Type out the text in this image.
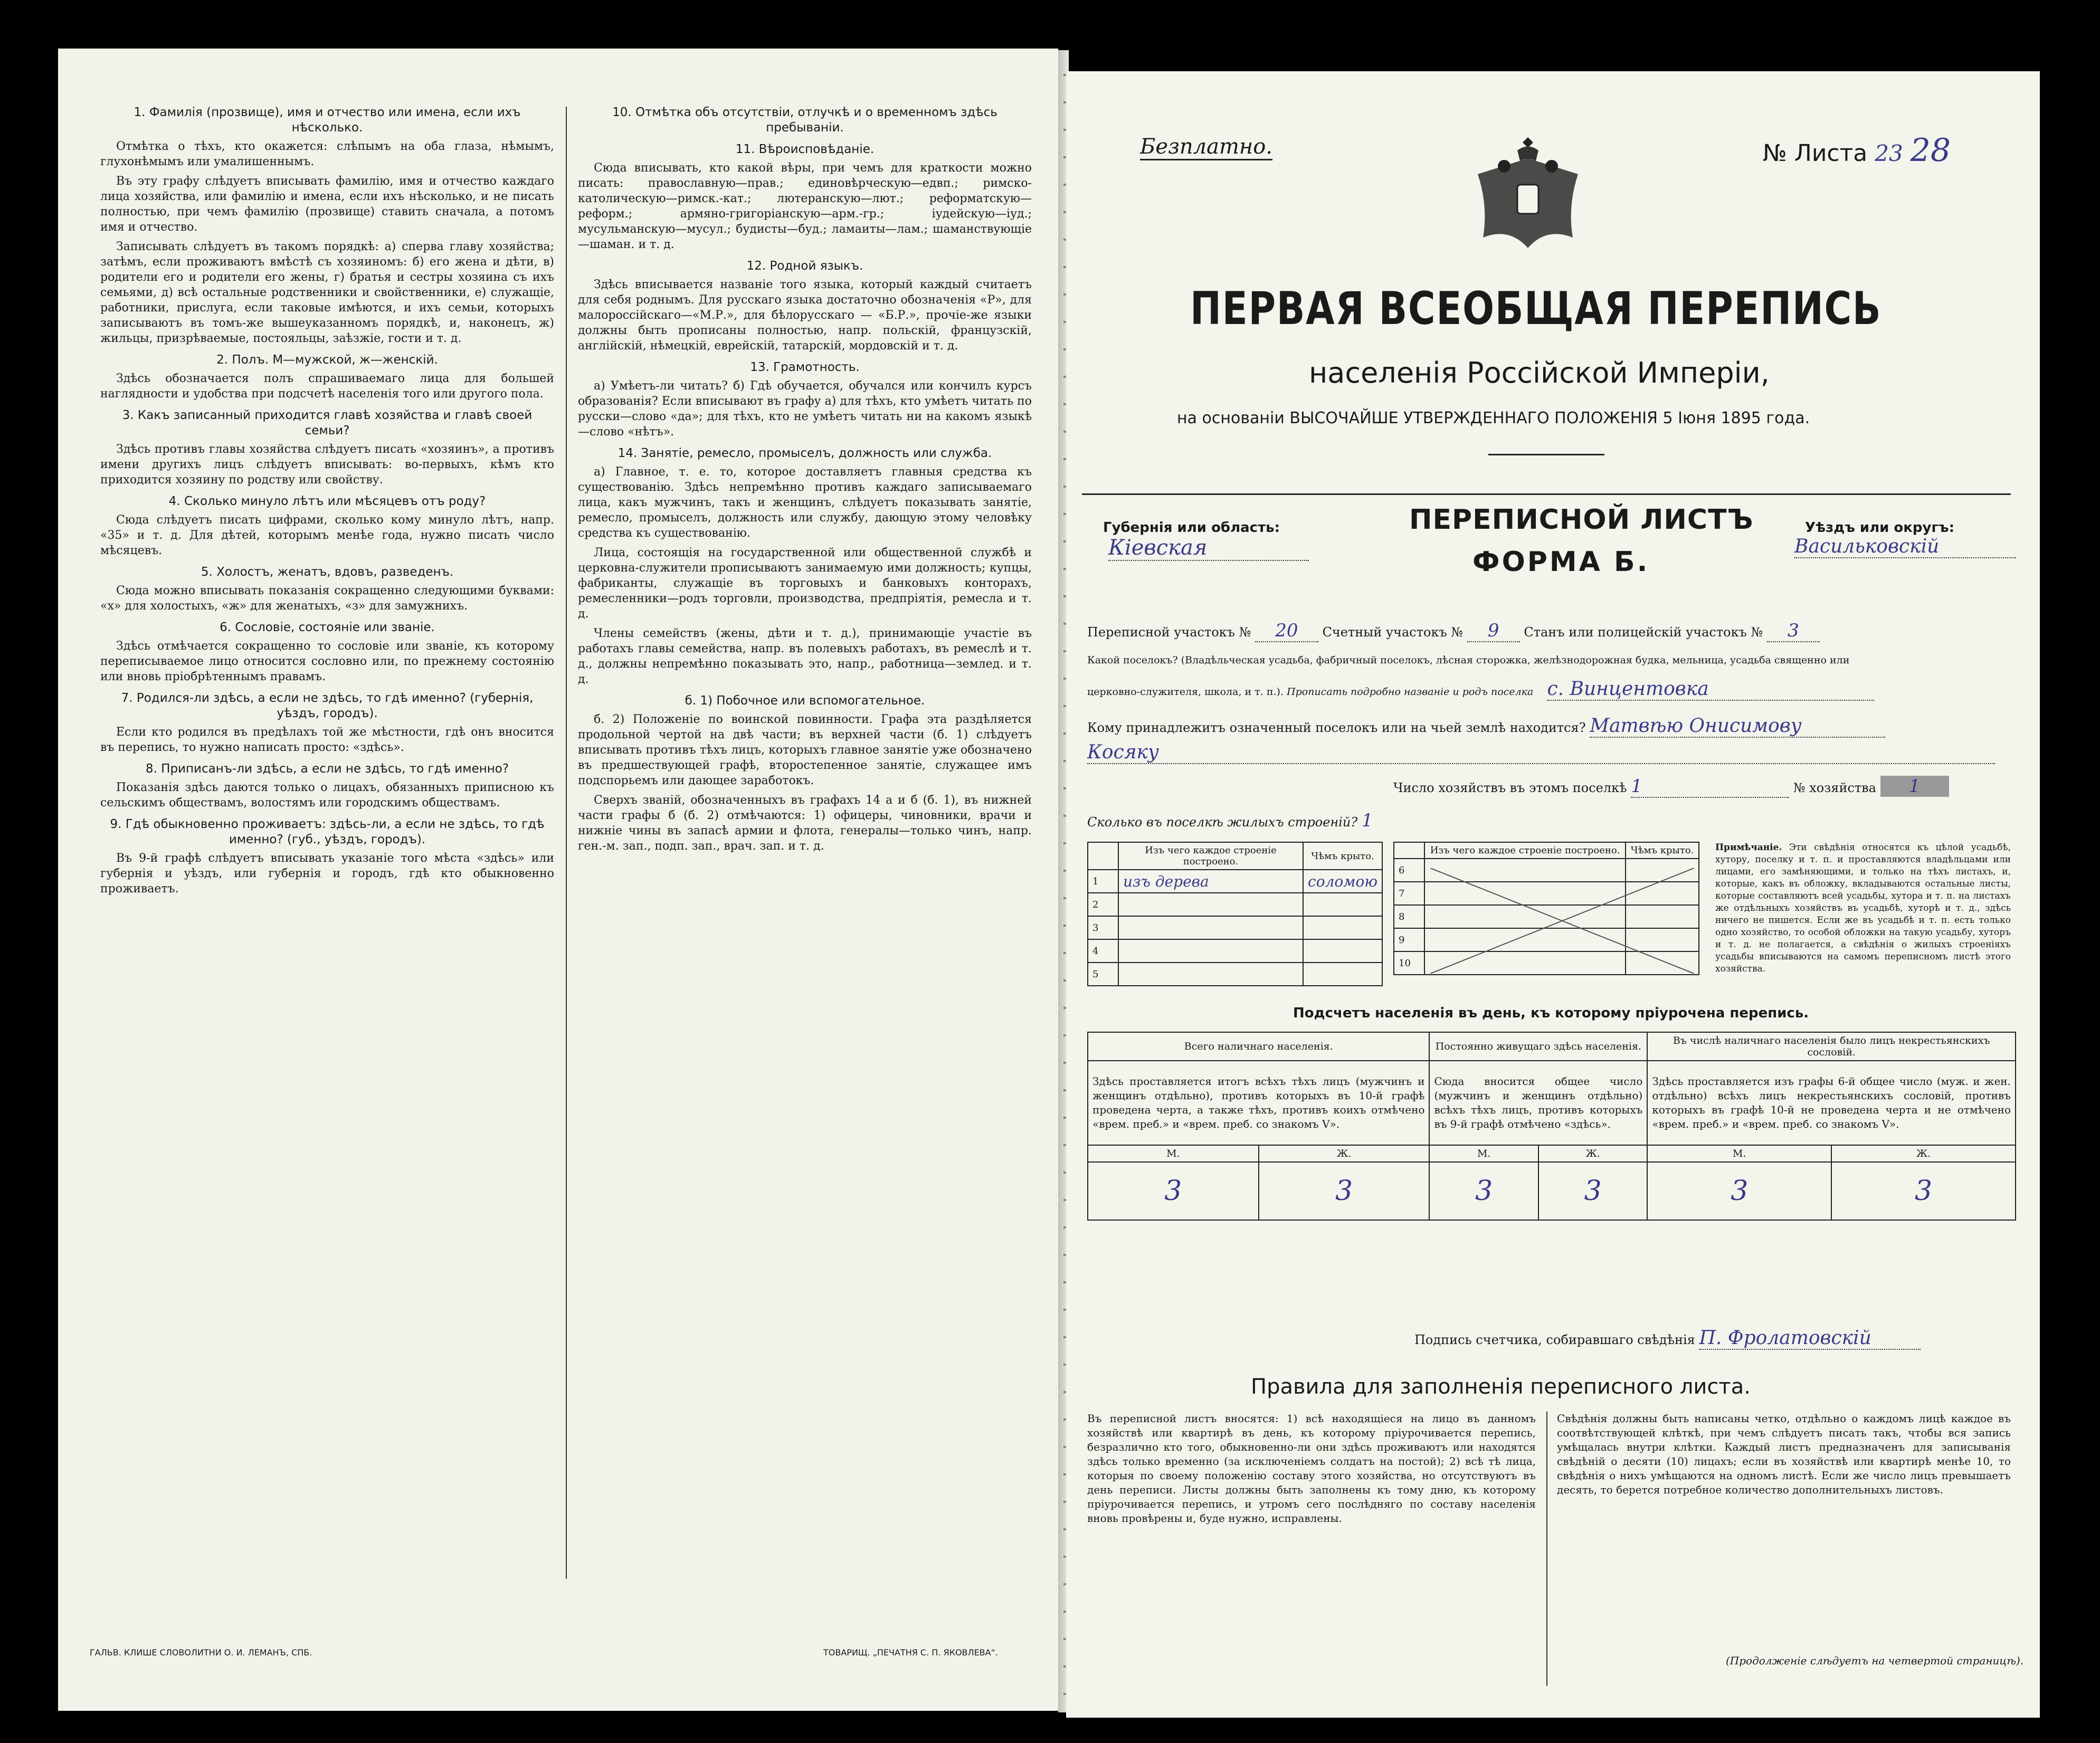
1. Фамилія (прозвище), имя и отчество или имена, если ихъ нѣсколько.

Отмѣтка о тѣхъ, кто окажется: слѣпымъ на оба глаза, нѣмымъ, глухонѣмымъ или умалишеннымъ.

Въ эту графу слѣдуетъ вписывать фамилію, имя и отчество каждаго лица хозяйства, или фамилію и имена, если ихъ нѣсколько, и не писать полностью, при чемъ фамилію (прозвище) ставить сначала, а потомъ имя и отчество.

Записывать слѣдуетъ въ такомъ порядкѣ: а) сперва главу хозяйства; затѣмъ, если проживаютъ вмѣстѣ съ хозяиномъ: б) его жена и дѣти, в) родители его и родители его жены, г) братья и сестры хозяина съ ихъ семьями, д) всѣ остальные родственники и свойственники, е) служащіе, работники, прислуга, если таковые имѣются, и ихъ семьи, которыхъ записываютъ въ томъ-же вышеуказанномъ порядкѣ, и, наконецъ, ж) жильцы, призрѣваемые, постояльцы, заѣзжіе, гости и т. д.

2. Полъ. М—мужской, ж—женскій.

Здѣсь обозначается полъ спрашиваемаго лица для большей наглядности и удобства при подсчетѣ населенія того или другого пола.

3. Какъ записанный приходится главѣ хозяйства и главѣ своей семьи?

Здѣсь противъ главы хозяйства слѣдуетъ писать «хозяинъ», а противъ имени другихъ лицъ слѣдуетъ вписывать: во-первыхъ, кѣмъ кто приходится хозяину по родству или свойству.

4. Сколько минуло лѣтъ или мѣсяцевъ отъ роду?

Сюда слѣдуетъ писать цифрами, сколько кому минуло лѣтъ, напр. «35» и т. д. Для дѣтей, которымъ менѣе года, нужно писать число мѣсяцевъ.

5. Холостъ, женатъ, вдовъ, разведенъ.

Сюда можно вписывать показанія сокращенно следующими буквами: «х» для холостыхъ, «ж» для женатыхъ, «з» для замужнихъ.

6. Сословіе, состояніе или званіе.

Здѣсь отмѣчается сокращенно то сословіе или званіе, къ которому переписываемое лицо относится сословно или, по прежнему состоянію или вновь пріобрѣтеннымъ правамъ.

7. Родился-ли здѣсь, а если не здѣсь, то гдѣ именно? (губернія, уѣздъ, городъ).

Если кто родился въ предѣлахъ той же мѣстности, гдѣ онъ вносится въ перепись, то нужно написать просто: «здѣсь».

8. Приписанъ-ли здѣсь, а если не здѣсь, то гдѣ именно?

Показанія здѣсь даются только о лицахъ, обязанныхъ приписною къ сельскимъ обществамъ, волостямъ или городскимъ обществамъ.

9. Гдѣ обыкновенно проживаетъ: здѣсь-ли, а если не здѣсь, то гдѣ именно? (губ., уѣздъ, городъ).

Въ 9-й графѣ слѣдуетъ вписывать указаніе того мѣста «здѣсь» или губернія и уѣздъ, или губернія и городъ, гдѣ кто обыкновенно проживаетъ.

10. Отмѣтка объ отсутствіи, отлучкѣ и о временномъ здѣсь пребываніи.
11. Вѣроисповѣданіе.

Сюда вписывать, кто какой вѣры, при чемъ для краткости можно писать: православную—прав.; единовѣрческую—едвп.; римско-католическую—римск.-кат.; лютеранскую—лют.; реформатскую—реформ.; армяно-григоріанскую—арм.-гр.; іудейскую—іуд.; мусульманскую—мусул.; будисты—буд.; ламаиты—лам.; шаманствующіе—шаман. и т. д.

12. Родной языкъ.

Здѣсь вписывается названіе того языка, который каждый считаетъ для себя роднымъ. Для русскаго языка достаточно обозначенія «Р», для малороссійскаго—«М.Р.», для бѣлорусскаго — «Б.Р.», прочіе-же языки должны быть прописаны полностью, напр. польскій, французскій, англійскій, нѣмецкій, еврейскій, татарскій, мордовскій и т. д.

13. Грамотность.

а) Умѣетъ-ли читать? б) Гдѣ обучается, обучался или кончилъ курсъ образованія? Если вписывают въ графу а) для тѣхъ, кто умѣетъ читать по русски—слово «да»; для тѣхъ, кто не умѣетъ читать ни на какомъ языкѣ—слово «нѣтъ».

14. Занятіе, ремесло, промыселъ, должность или служба.

а) Главное, т. е. то, которое доставляетъ главныя средства къ существованію. Здѣсь непремѣнно противъ каждаго записываемаго лица, какъ мужчинъ, такъ и женщинъ, слѣдуетъ показывать занятіе, ремесло, промыселъ, должность или службу, дающую этому человѣку средства къ существованію.

Лица, состоящія на государственной или общественной службѣ и церковна-служители прописываютъ занимаемую ими должность; купцы, фабриканты, служащіе въ торговыхъ и банковыхъ конторахъ, ремесленники—родъ торговли, производства, предпріятія, ремесла и т. д.

Члены семействъ (жены, дѣти и т. д.), принимающіе участіе въ работахъ главы семейства, напр. въ полевыхъ работахъ, въ ремеслѣ и т. д., должны непремѣнно показывать это, напр., работница—землед. и т. д.

б. 1) Побочное или вспомогательное.

б. 2) Положеніе по воинской повинности. Графа эта раздѣляется продольной чертой на двѣ части; въ верхней части (б. 1) слѣдуетъ вписывать противъ тѣхъ лицъ, которыхъ главное занятіе уже обозначено въ предшествующей графѣ, второстепенное занятіе, служащее имъ подспорьемъ или дающее заработокъ.

Сверхъ званій, обозначенныхъ въ графахъ 14 а и б (б. 1), въ нижней части графы б (б. 2) отмѣчаются: 1) офицеры, чиновники, врачи и нижніе чины въ запасѣ армии и флота, генералы—только чинъ, напр. ген.-м. зап., подп. зап., врач. зап. и т. д.

ГАЛЬВ. КЛИШЕ СЛОВОЛИТНИ О. И. ЛЕМАНЪ, СПБ.	ТОВАРИЩ. „ПЕЧАТНЯ С. П. ЯКОВЛЕВА“.
Безплатно.	№ Листа 23 28
ПЕРВАЯ ВСЕОБЩАЯ ПЕРЕПИСЬ
населенія Россійской Имперіи,
на основаніи ВЫСОЧАЙШЕ УТВЕРЖДЕННАГО ПОЛОЖЕНІЯ 5 Іюня 1895 года.
Губернія или область:
Кіевская
ПЕРЕПИСНОЙ ЛИСТЪ
ФОРМА Б.
Уѣздъ или округъ:
Васильковскій
Переписной участокъ № 20 Счетный участокъ № 9 Станъ или полицейскій участокъ № 3
Какой поселокъ? (Владѣльческая усадьба, фабричный поселокъ, лѣсная сторожка, желѣзнодорожная будка, мельница, усадьба священно или
церковно-служителя, школа, и т. п.). Прописать подробно названіе и родъ поселка с. Винцентовка
Кому принадлежитъ означенный поселокъ или на чьей землѣ находится? Матвѣю Онисимову
Косяку
Число хозяйствъ въ этомъ поселкѣ 1	№ хозяйства 1
Сколько въ поселкѣ жилыхъ строеній? 1
	Изъ чего каждое строеніе построено.	Чѣмъ крыто.
1	изъ дерева	соломою
2		
3		
4		
5		
	Изъ чего каждое строеніе построено.	Чѣмъ крыто.
6		
7		
8		
9		
10		
Примѣчаніе. Эти свѣдѣнія относятся къ цѣлой усадьбѣ, хутору, поселку и т. п. и проставляются владѣльцами или лицами, его замѣняющими, и только на тѣхъ листахъ, и, которые, какъ въ обложку, вкладываются остальные листы, которые составляютъ всей усадьбы, хутора и т. п. на листахъ же отдѣльныхъ хозяйствъ въ усадьбѣ, хуторѣ и т. д., здѣсь ничего не пишется. Если же въ усадьбѣ и т. п. есть только одно хозяйство, то особой обложки на такую усадьбу, хуторъ и т. д. не полагается, а свѣдѣнія о жилыхъ строеніяхъ усадьбы вписываются на самомъ переписномъ листѣ этого хозяйства.
Подсчетъ населенія въ день, къ которому пріурочена перепись.
Всего наличнаго населенія.		Постоянно живущаго здѣсь населенія.		Въ числѣ наличнаго населенія было лицъ некрестьянскихъ сословій.	
Здѣсь проставляется итогъ всѣхъ тѣхъ лицъ (мужчинъ и женщинъ отдѣльно), противъ которыхъ въ 10-й графѣ проведена черта, а также тѣхъ, противъ коихъ отмѣчено «врем. преб.» и «врем. преб. со знакомъ V».		Сюда вносится общее число (мужчинъ и женщинъ отдѣльно) всѣхъ тѣхъ лицъ, противъ которыхъ въ 9-й графѣ отмѣчено «здѣсь».		Здѣсь проставляется изъ графы 6-й общее число (муж. и жен. отдѣльно) всѣхъ лицъ некрестьянскихъ сословій, противъ которыхъ въ графѣ 10-й не проведена черта и не отмѣчено «врем. преб.» и «врем. преб. со знакомъ V».	
М.	Ж.	М.	Ж.	М.	Ж.
3	3	3	3	3	3
Подпись счетчика, собиравшаго свѣдѣнія П. Фролатовскій
Правила для заполненія переписного листа.
Въ переписной листъ вносятся: 1) всѣ находящіеся на лицо въ данномъ хозяйствѣ или квартирѣ въ день, къ которому пріурочивается перепись, безразлично кто того, обыкновенно-ли они здѣсь проживаютъ или находятся здѣсь только временно (за исключеніемъ солдатъ на постой); 2) всѣ тѣ лица, которыя по своему положенію составу этого хозяйства, но отсутствуютъ въ день переписи. Листы должны быть заполнены къ тому дню, къ которому пріурочивается перепись, и утромъ сего послѣдняго по составу населенія вновь провѣрены и, буде нужно, исправлены.
Свѣдѣнія должны быть написаны четко, отдѣльно о каждомъ лицѣ каждое въ соотвѣтствующей клѣткѣ, при чемъ слѣдуетъ писать такъ, чтобы вся запись умѣщалась внутри клѣтки. Каждый листъ предназначенъ для записыванія свѣдѣній о десяти (10) лицахъ; если въ хозяйствѣ или квартирѣ менѣе 10, то свѣдѣнія о нихъ умѣщаются на одномъ листѣ. Если же число лицъ превышаетъ десять, то берется потребное количество дополнительныхъ листовъ.
(Продолженіе слѣдуетъ на четвертой страницѣ).
